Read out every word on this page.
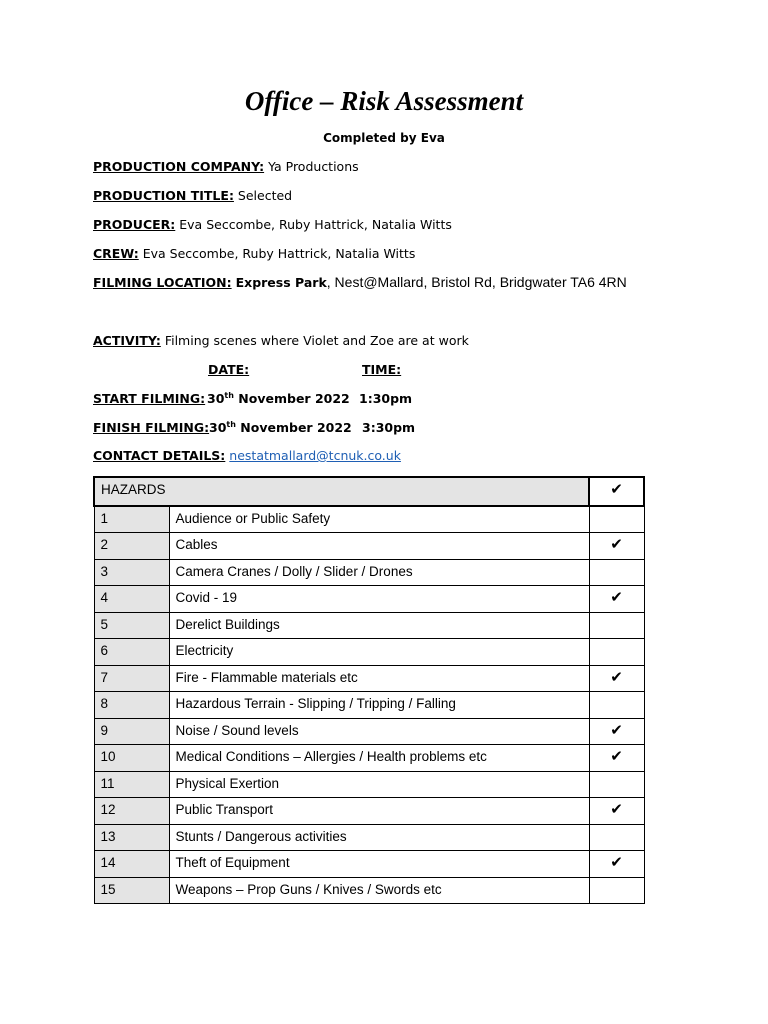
Office – Risk Assessment
Completed by Eva
PRODUCTION COMPANY: Ya Productions
PRODUCTION TITLE: Selected
PRODUCER: Eva Seccombe, Ruby Hattrick, Natalia Witts
CREW: Eva Seccombe, Ruby Hattrick, Natalia Witts
FILMING LOCATION: Express Park, Nest@Mallard, Bristol Rd, Bridgwater TA6 4RN
ACTIVITY: Filming scenes where Violet and Zoe are at work
DATE:	TIME:
START FILMING: 30th November 2022 1:30pm
FINISH FILMING: 30th November 2022 3:30pm
CONTACT DETAILS: nestatmallard@tcnuk.co.uk
HAZARDS		✔
1	Audience or Public Safety	
2	Cables	✔
3	Camera Cranes / Dolly / Slider / Drones	
4	Covid - 19	✔
5	Derelict Buildings	
6	Electricity	
7	Fire - Flammable materials etc	✔
8	Hazardous Terrain - Slipping / Tripping / Falling	
9	Noise / Sound levels	✔
10	Medical Conditions – Allergies / Health problems etc	✔
11	Physical Exertion	
12	Public Transport	✔
13	Stunts / Dangerous activities	
14	Theft of Equipment	✔
15	Weapons – Prop Guns / Knives / Swords etc	
